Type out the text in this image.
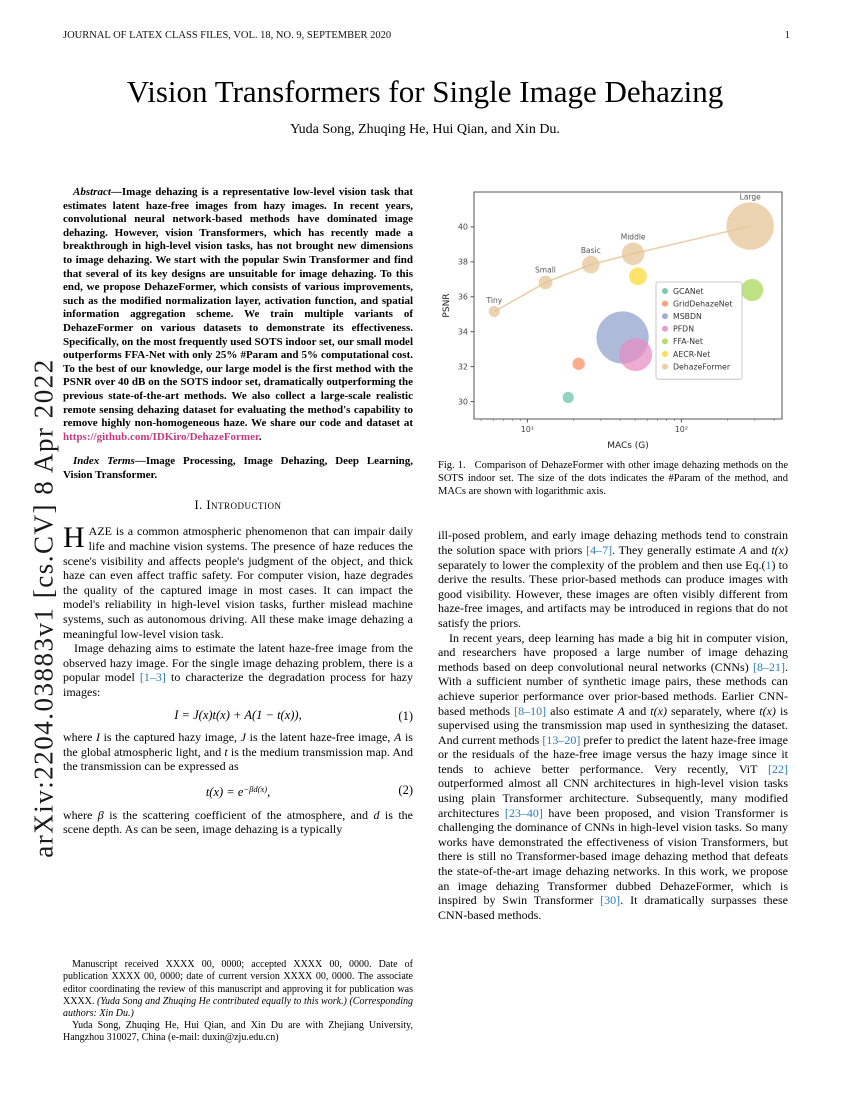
JOURNAL OF LATEX CLASS FILES, VOL. 18, NO. 9, SEPTEMBER 2020	1
arXiv:2204.03883v1 [cs.CV] 8 Apr 2022
Vision Transformers for Single Image Dehazing
Yuda Song, Zhuqing He, Hui Qian, and Xin Du.

Abstract—Image dehazing is a representative low-level vision task that estimates latent haze-free images from hazy images. In recent years, convolutional neural network-based methods have dominated image dehazing. However, vision Transformers, which has recently made a breakthrough in high-level vision tasks, has not brought new dimensions to image dehazing. We start with the popular Swin Transformer and find that several of its key designs are unsuitable for image dehazing. To this end, we propose DehazeFormer, which consists of various improvements, such as the modified normalization layer, activation function, and spatial information aggregation scheme. We train multiple variants of DehazeFormer on various datasets to demonstrate its effectiveness. Specifically, on the most frequently used SOTS indoor set, our small model outperforms FFA-Net with only 25% #Param and 5% computational cost. To the best of our knowledge, our large model is the first method with the PSNR over 40 dB on the SOTS indoor set, dramatically outperforming the previous state-of-the-art methods. We also collect a large-scale realistic remote sensing dehazing dataset for evaluating the method's capability to remove highly non-homogeneous haze. We share our code and dataset at https://github.com/IDKiro/DehazeFormer.

Index Terms—Image Processing, Image Dehazing, Deep Learning, Vision Transformer.

I. Introduction

HAZE is a common atmospheric phenomenon that can impair daily life and machine vision systems. The presence of haze reduces the scene's visibility and affects people's judgment of the object, and thick haze can even affect traffic safety. For computer vision, haze degrades the quality of the captured image in most cases. It can impact the model's reliability in high-level vision tasks, further mislead machine systems, such as autonomous driving. All these make image dehazing a meaningful low-level vision task.

Image dehazing aims to estimate the latent haze-free image from the observed hazy image. For the single image dehazing problem, there is a popular model [1–3] to characterize the degradation process for hazy images:

I = J(x)t(x) + A(1 − t(x)),	(1)

where I is the captured hazy image, J is the latent haze-free image, A is the global atmospheric light, and t is the medium transmission map. And the transmission can be expressed as

$t(x) = e^{-\beta d(x)}$,	(2)

where β is the scattering coefficient of the atmosphere, and d is the scene depth. As can be seen, image dehazing is a typically

Manuscript received XXXX 00, 0000; accepted XXXX 00, 0000. Date of publication XXXX 00, 0000; date of current version XXXX 00, 0000. The associate editor coordinating the review of this manuscript and approving it for publication was XXXX. (Yuda Song and Zhuqing He contributed equally to this work.) (Corresponding authors: Xin Du.)

Yuda Song, Zhuqing He, Hui Qian, and Xin Du are with Zhejiang University, Hangzhou 310027, China (e-mail: duxin@zju.edu.cn)

30
32
34
36
38
40
10¹	10²
MACs (G)
PSNR	Tiny
Small
Basic
Middle
Large
GCANet
GridDehazeNet
MSBDN
PFDN
FFA-Net
AECR-Net
DehazeFormer

Fig. 1. Comparison of DehazeFormer with other image dehazing methods on the SOTS indoor set. The size of the dots indicates the #Param of the method, and MACs are shown with logarithmic axis.

ill-posed problem, and early image dehazing methods tend to constrain the solution space with priors [4–7]. They generally estimate A and t(x) separately to lower the complexity of the problem and then use Eq.(1) to derive the results. These prior-based methods can produce images with good visibility. However, these images are often visibly different from haze-free images, and artifacts may be introduced in regions that do not satisfy the priors.

In recent years, deep learning has made a big hit in computer vision, and researchers have proposed a large number of image dehazing methods based on deep convolutional neural networks (CNNs) [8–21]. With a sufficient number of synthetic image pairs, these methods can achieve superior performance over prior-based methods. Earlier CNN-based methods [8–10] also estimate A and t(x) separately, where t(x) is supervised using the transmission map used in synthesizing the dataset. And current methods [13–20] prefer to predict the latent haze-free image or the residuals of the haze-free image versus the hazy image since it tends to achieve better performance. Very recently, ViT [22] outperformed almost all CNN architectures in high-level vision tasks using plain Transformer architecture. Subsequently, many modified architectures [23–40] have been proposed, and vision Transformer is challenging the dominance of CNNs in high-level vision tasks. So many works have demonstrated the effectiveness of vision Transformers, but there is still no Transformer-based image dehazing method that defeats the state-of-the-art image dehazing networks. In this work, we propose an image dehazing Transformer dubbed DehazeFormer, which is inspired by Swin Transformer [30]. It dramatically surpasses these CNN-based methods.
